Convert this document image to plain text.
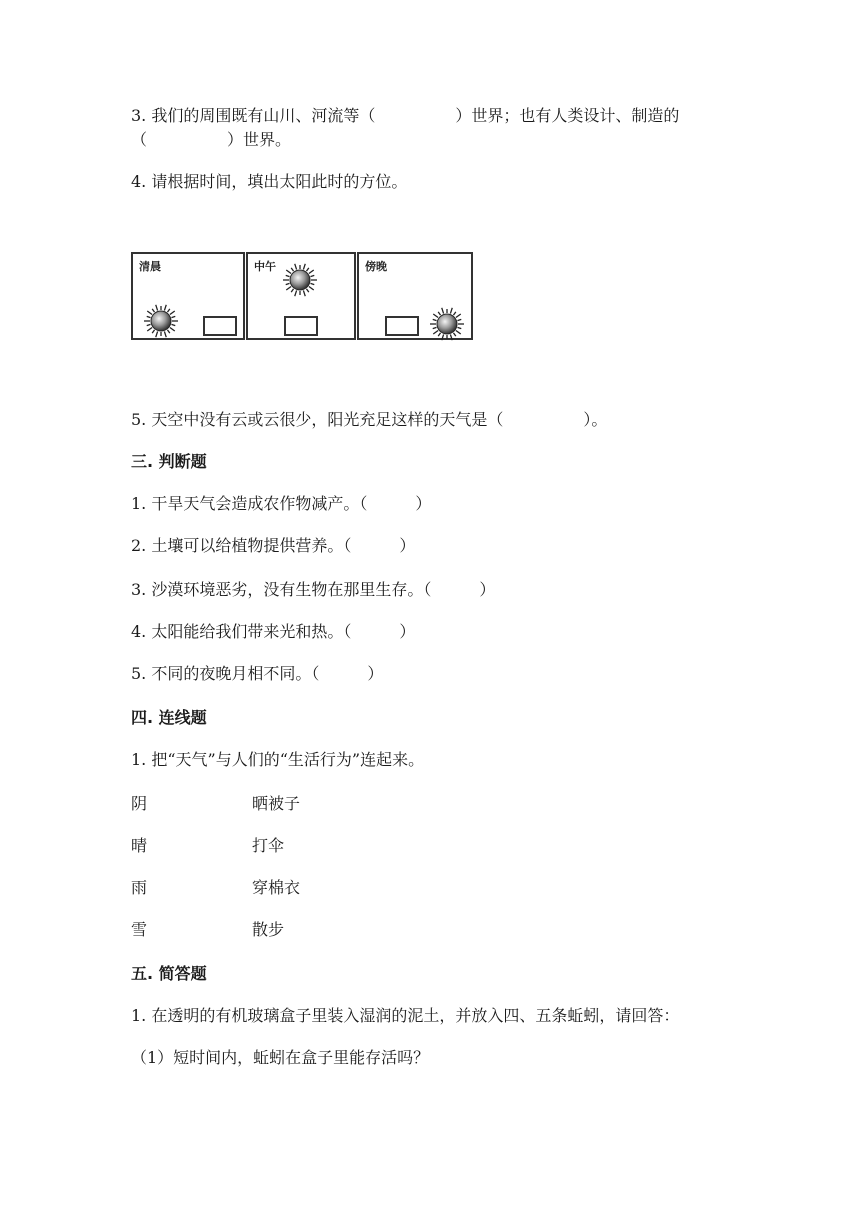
3. 我们的周围既有山川、河流等（　　　　　）世界；也有人类设计、制造的
（　　　　　）世界。
4. 请根据时间，填出太阳此时的方位。
清晨	中午	傍晚
5. 天空中没有云或云很少，阳光充足这样的天气是（　　　　　）。
三. 判断题
1. 干旱天气会造成农作物减产。（　　　）
2. 土壤可以给植物提供营养。（　　　）
3. 沙漠环境恶劣，没有生物在那里生存。（　　　）
4. 太阳能给我们带来光和热。（　　　）
5. 不同的夜晚月相不同。（　　　）
四. 连线题
1. 把“天气”与人们的“生活行为”连起来。
阴	晒被子
晴	打伞
雨	穿棉衣
雪	散步
五. 简答题
1. 在透明的有机玻璃盒子里装入湿润的泥土，并放入四、五条蚯蚓，请回答：
（1）短时间内，蚯蚓在盒子里能存活吗？
